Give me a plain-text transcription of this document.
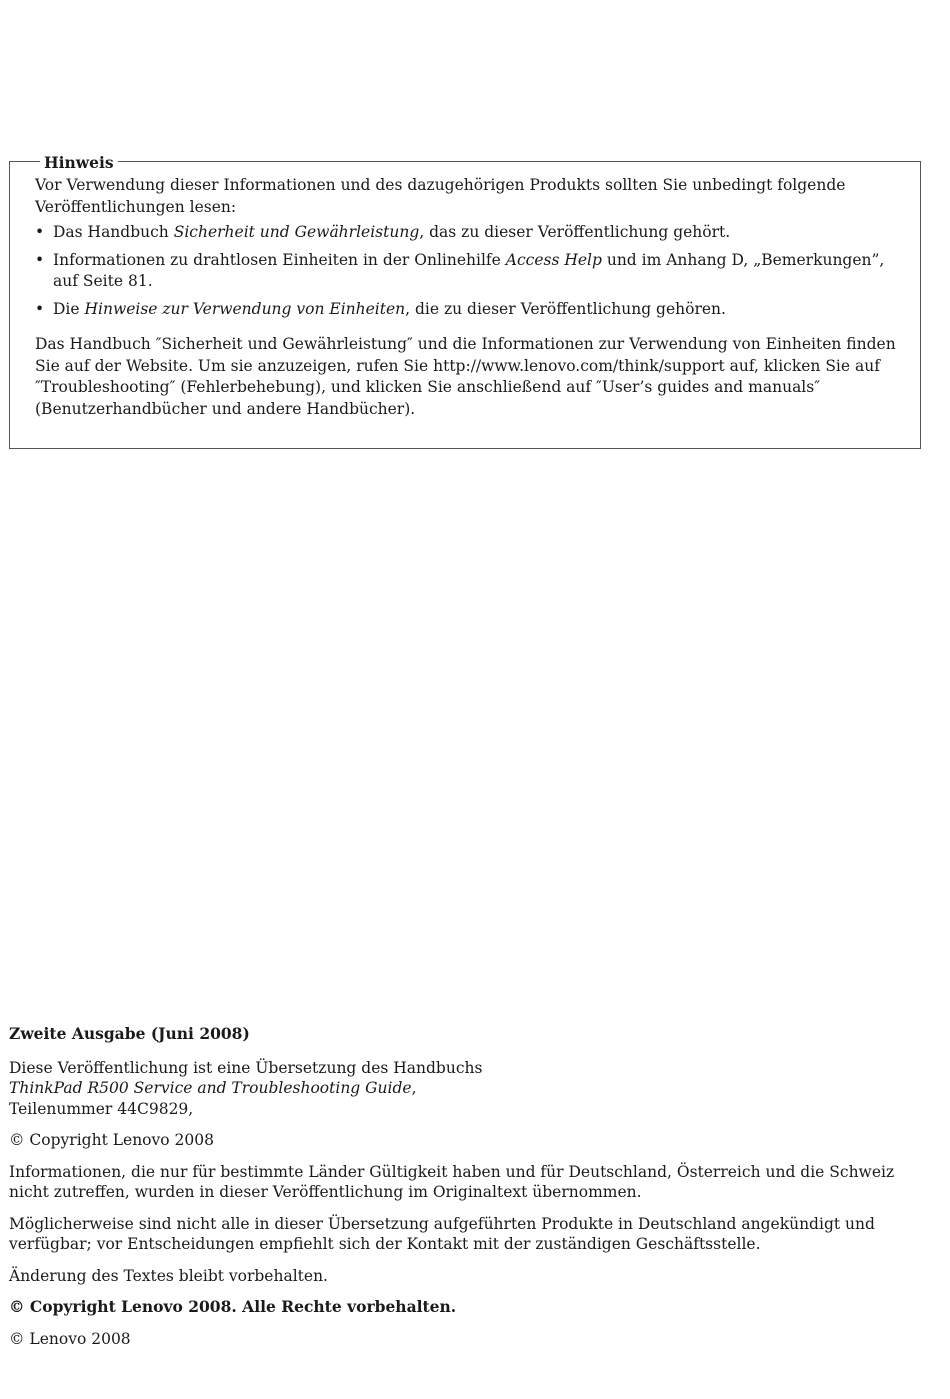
Hinweis

Vor Verwendung dieser Informationen und des dazugehörigen Produkts sollten Sie unbedingt folgende Veröffentlichungen lesen:

• Das Handbuch Sicherheit und Gewährleistung, das zu dieser Veröffentlichung gehört.
• Informationen zu drahtlosen Einheiten in der Onlinehilfe Access Help und im Anhang D, „Bemerkungen”, auf Seite 81.
• Die Hinweise zur Verwendung von Einheiten, die zu dieser Veröffentlichung gehören.

Das Handbuch ″Sicherheit und Gewährleistung″ und die Informationen zur Verwendung von Einheiten finden Sie auf der Website. Um sie anzuzeigen, rufen Sie http://www.lenovo.com/think/support auf, klicken Sie auf ″Troubleshooting″ (Fehlerbehebung), und klicken Sie anschließend auf ″User’s guides and manuals″ (Benutzerhandbücher und andere Handbücher).

Zweite Ausgabe (Juni 2008)

Diese Veröffentlichung ist eine Übersetzung des Handbuchs
ThinkPad R500 Service and Troubleshooting Guide,
Teilenummer 44C9829,

© Copyright Lenovo 2008

Informationen, die nur für bestimmte Länder Gültigkeit haben und für Deutschland, Österreich und die Schweiz nicht zutreffen, wurden in dieser Veröffentlichung im Originaltext übernommen.

Möglicherweise sind nicht alle in dieser Übersetzung aufgeführten Produkte in Deutschland angekündigt und verfügbar; vor Entscheidungen empfiehlt sich der Kontakt mit der zuständigen Geschäftsstelle.

Änderung des Textes bleibt vorbehalten.

© Copyright Lenovo 2008. Alle Rechte vorbehalten.

© Lenovo 2008
